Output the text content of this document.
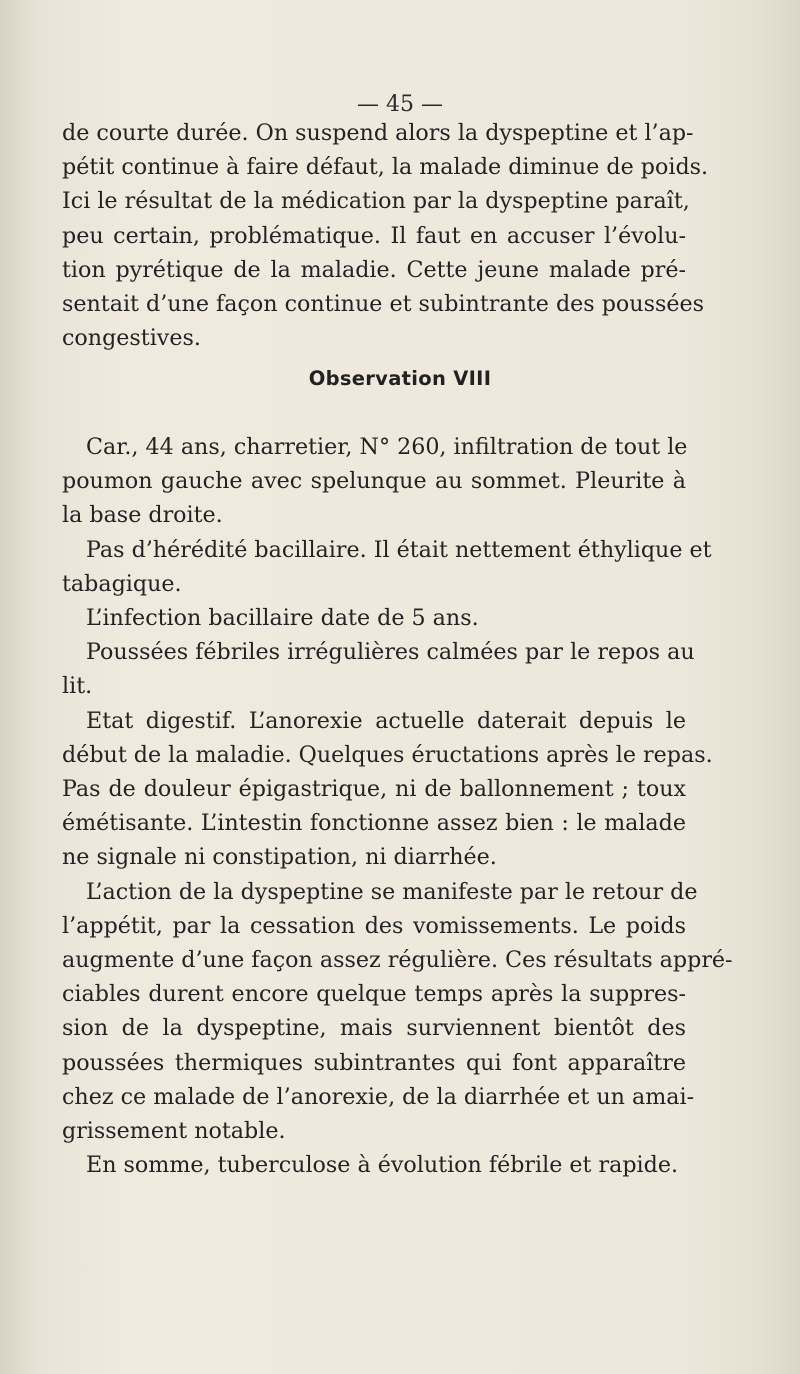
— 45 —
de courte durée. On suspend alors la dyspeptine et l’ap-
pétit continue à faire défaut, la malade diminue de poids.
Ici le résultat de la médication par la dyspeptine paraît,
peu certain, problématique. Il faut en accuser l’évolu-
tion pyrétique de la maladie. Cette jeune malade pré-
sentait d’une façon continue et subintrante des poussées
congestives.
Observation VIII
Car., 44 ans, charretier, N° 260, infiltration de tout le
poumon gauche avec spelunque au sommet. Pleurite à
la base droite.
Pas d’hérédité bacillaire. Il était nettement éthylique et
tabagique.
L’infection bacillaire date de 5 ans.
Poussées fébriles irrégulières calmées par le repos au
lit.
Etat digestif. L’anorexie actuelle daterait depuis le
début de la maladie. Quelques éructations après le repas.
Pas de douleur épigastrique, ni de ballonnement ; toux
émétisante. L’intestin fonctionne assez bien : le malade
ne signale ni constipation, ni diarrhée.
L’action de la dyspeptine se manifeste par le retour de
l’appétit, par la cessation des vomissements. Le poids
augmente d’une façon assez régulière. Ces résultats appré-
ciables durent encore quelque temps après la suppres-
sion de la dyspeptine, mais surviennent bientôt des
poussées thermiques subintrantes qui font apparaître
chez ce malade de l’anorexie, de la diarrhée et un amai-
grissement notable.
En somme, tuberculose à évolution fébrile et rapide.
